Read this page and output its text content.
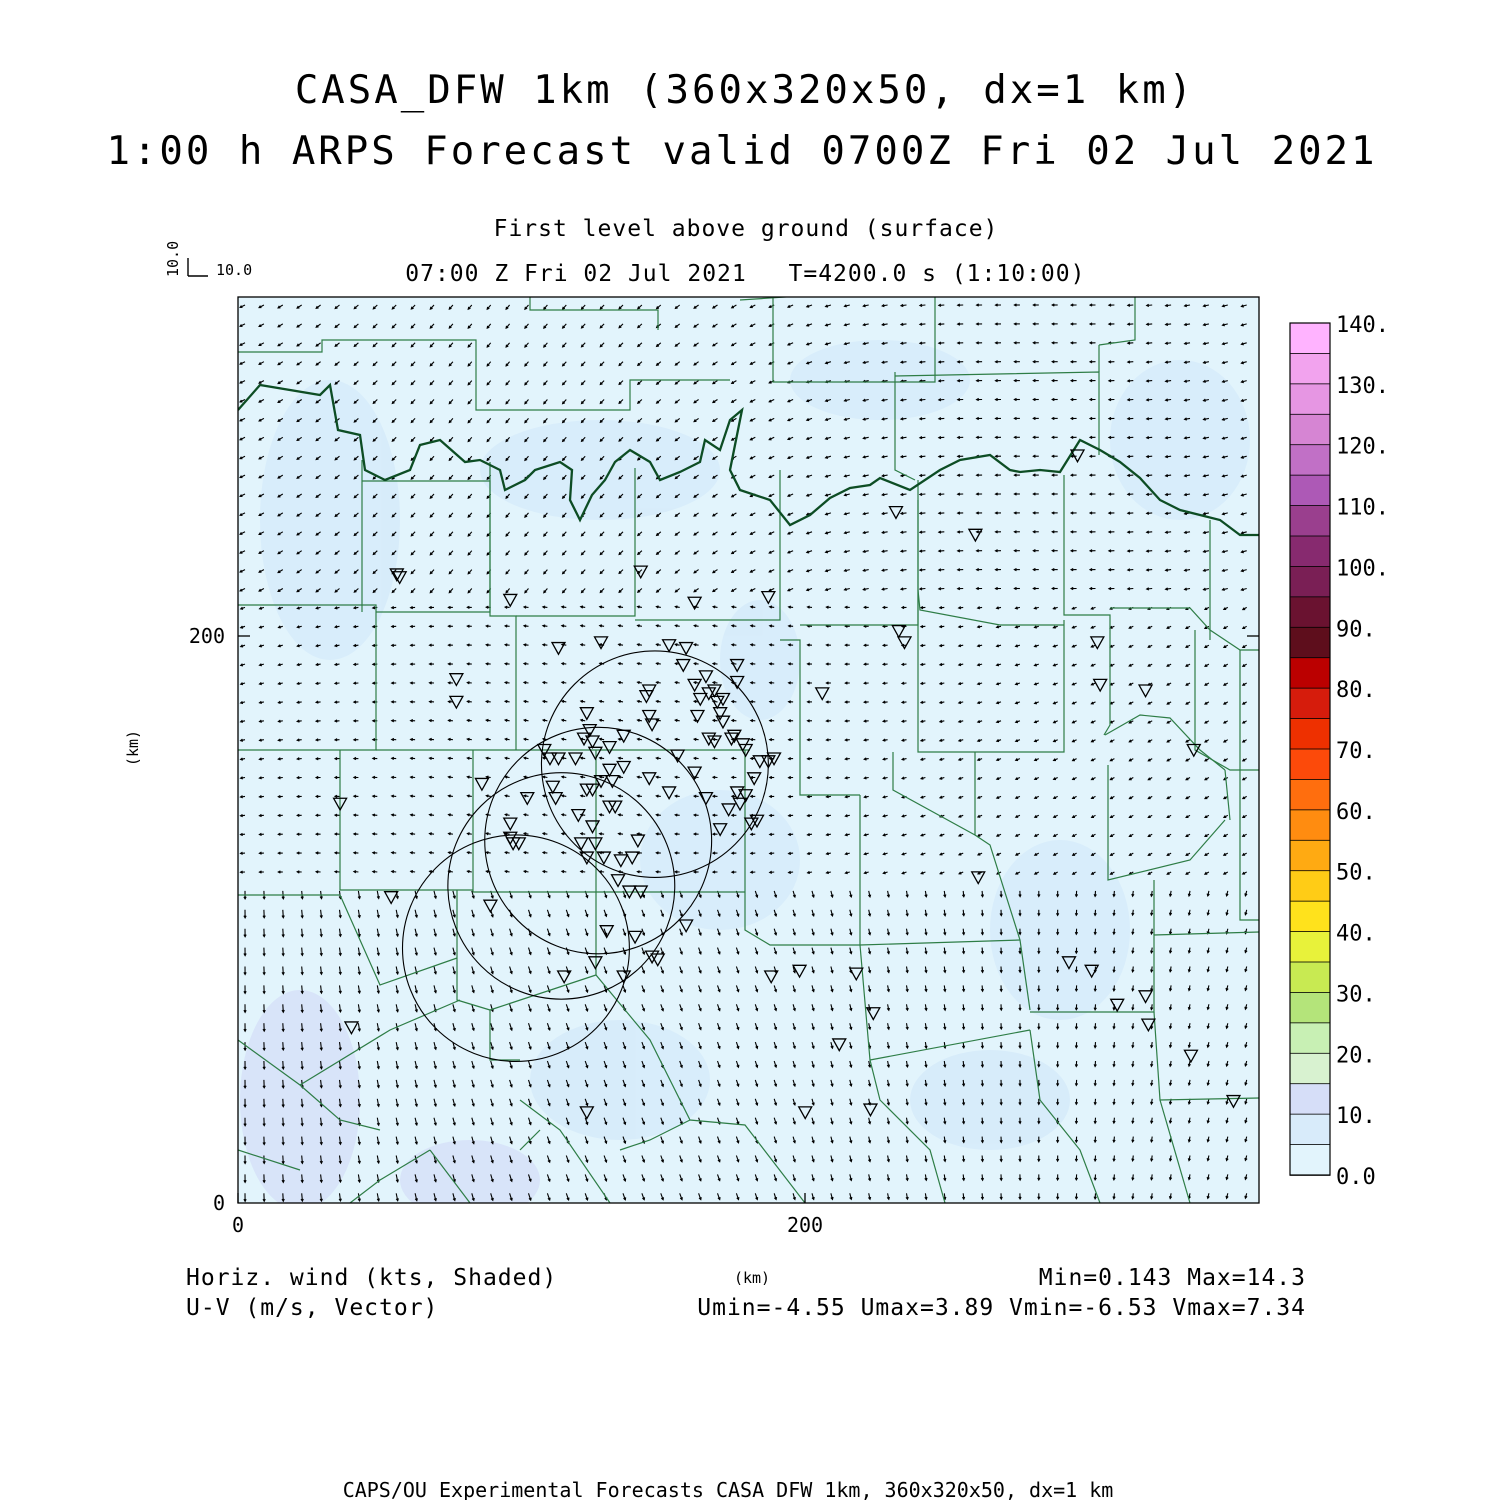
CASA_DFW 1km (360x320x50, dx=1 km)
1:00 h ARPS Forecast valid 0700Z Fri 02 Jul 2021
First level above ground (surface)
07:00 Z Fri 02 Jul 2021 T=4200.0 s (1:10:00)
10.0
10.0
0	200
0
200
(km)
(km)
140.
130.
120.
110.
100.
90.
80.
70.
60.
50.
40.
30.
20.
10.
0.0
Horiz. wind (kts, Shaded)
U-V (m/s, Vector)
Min=0.143 Max=14.3
Umin=-4.55 Umax=3.89 Vmin=-6.53 Vmax=7.34
CAPS/OU Experimental Forecasts CASA DFW 1km, 360x320x50, dx=1 km
